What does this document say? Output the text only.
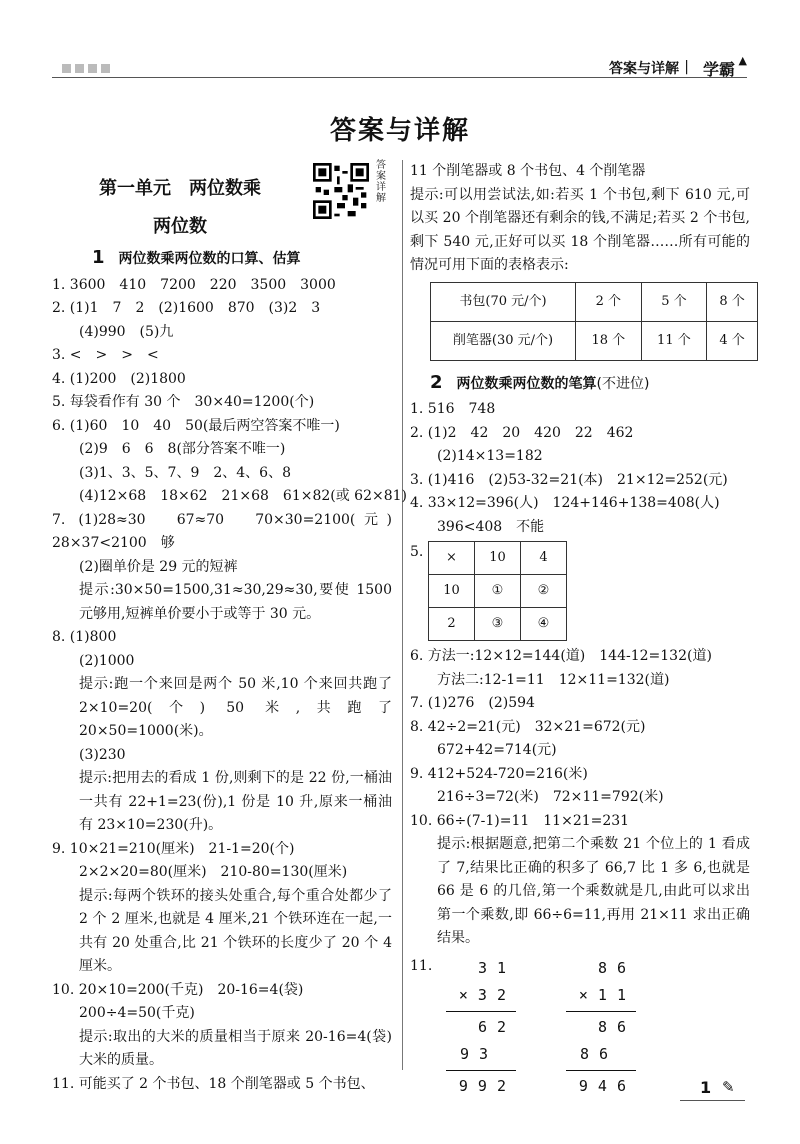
答案与详解 | 学霸 ▲
答案与详解
第一单元　两位数乘
两位数
答案详解
1 两位数乘两位数的口算、估算
1. 3600　410　7200　220　3500　3000
2. (1)1　7　2　(2)1600　870　(3)2　3
(4)990　(5)九
3. <　>　>　<
4. (1)200　(2)1800
5. 每袋看作有 30 个　30×40=1200(个)
6. (1)60　10　40　50(最后两空答案不唯一)
(2)9　6　6　8(部分答案不唯一)
(3)1、3、5、7、9　2、4、6、8
(4)12×68　18×62　21×68　61×82(或 62×81)
7. (1)28≈30　67≈70　70×30=2100(元)　28×37<2100　够
(2)圈单价是 29 元的短裤
提示:30×50=1500,31≈30,29≈30,要使 1500 元够用,短裤单价要小于或等于 30 元。
8. (1)800
(2)1000
提示:跑一个来回是两个 50 米,10 个来回共跑了 2×10=20(个) 50 米,共跑了 20×50=1000(米)。
(3)230
提示:把用去的看成 1 份,则剩下的是 22 份,一桶油一共有 22+1=23(份),1 份是 10 升,原来一桶油有 23×10=230(升)。
9. 10×21=210(厘米)　21-1=20(个)
2×2×20=80(厘米)　210-80=130(厘米)
提示:每两个铁环的接头处重合,每个重合处都少了 2 个 2 厘米,也就是 4 厘米,21 个铁环连在一起,一共有 20 处重合,比 21 个铁环的长度少了 20 个 4 厘米。
10. 20×10=200(千克)　20-16=4(袋)
200÷4=50(千克)
提示:取出的大米的质量相当于原来 20-16=4(袋)大米的质量。
11. 可能买了 2 个书包、18 个削笔器或 5 个书包、
11 个削笔器或 8 个书包、4 个削笔器
提示:可以用尝试法,如:若买 1 个书包,剩下 610 元,可以买 20 个削笔器还有剩余的钱,不满足;若买 2 个书包,剩下 540 元,正好可以买 18 个削笔器……所有可能的情况可用下面的表格表示:
书包(70 元/个)	2 个	5 个	8 个
削笔器(30 元/个)	18 个	11 个	4 个
2 两位数乘两位数的笔算(不进位)
1. 516　748
2. (1)2　42　20　420　22　462
(2)14×13=182
3. (1)416　(2)53-32=21(本)　21×12=252(元)
4. 33×12=396(人)　124+146+138=408(人)
396<408　不能
5.	×	10	4
10	①	②
2	③	④
6. 方法一:12×12=144(道)　144-12=132(道)
方法二:12-1=11　12×11=132(道)
7. (1)276　(2)594
8. 42÷2=21(元)　32×21=672(元)
672+42=714(元)
9. 412+524-720=216(米)
216÷3=72(米)　72×11=792(米)
10. 66÷(7-1)=11　11×21=231
提示:根据题意,把第二个乘数 21 个位上的 1 看成了 7,结果比正确的积多了 66,7 比 1 多 6,也就是 66 是 6 的几倍,第一个乘数就是几,由此可以求出第一个乘数,即 66÷6=11,再用 21×11 求出正确结果。
11.	31
×32
62
93
992
86
×11
86
86
946	1 ✎
